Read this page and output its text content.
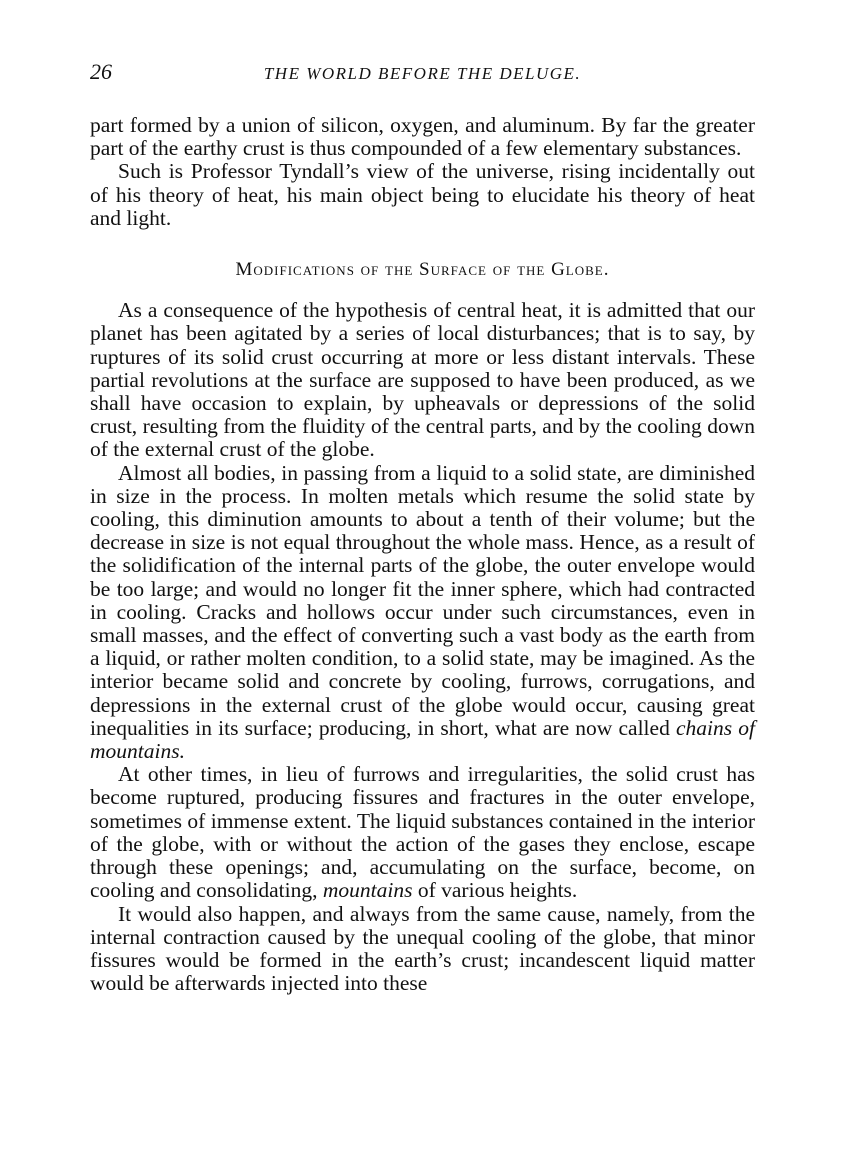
26	THE WORLD BEFORE THE DELUGE.

part formed by a union of silicon, oxygen, and aluminum. By far the greater part of the earthy crust is thus compounded of a few elementary substances.

Such is Professor Tyndall’s view of the universe, rising incidentally out of his theory of heat, his main object being to elucidate his theory of heat and light.

Modifications of the Surface of the Globe.

As a consequence of the hypothesis of central heat, it is admitted that our planet has been agitated by a series of local disturbances; that is to say, by ruptures of its solid crust occurring at more or less distant intervals. These partial revolutions at the surface are supposed to have been produced, as we shall have occasion to explain, by upheavals or depressions of the solid crust, resulting from the fluidity of the central parts, and by the cooling down of the external crust of the globe.

Almost all bodies, in passing from a liquid to a solid state, are diminished in size in the process. In molten metals which resume the solid state by cooling, this diminution amounts to about a tenth of their volume; but the decrease in size is not equal throughout the whole mass. Hence, as a result of the solidification of the internal parts of the globe, the outer envelope would be too large; and would no longer fit the inner sphere, which had contracted in cooling. Cracks and hollows occur under such circumstances, even in small masses, and the effect of converting such a vast body as the earth from a liquid, or rather molten condition, to a solid state, may be imagined. As the interior became solid and concrete by cooling, furrows, corrugations, and depressions in the external crust of the globe would occur, causing great inequalities in its surface; producing, in short, what are now called chains of mountains.

At other times, in lieu of furrows and irregularities, the solid crust has become ruptured, producing fissures and fractures in the outer envelope, sometimes of immense extent. The liquid substances contained in the interior of the globe, with or without the action of the gases they enclose, escape through these openings; and, accumulating on the surface, become, on cooling and consolidating, mountains of various heights.

It would also happen, and always from the same cause, namely, from the internal contraction caused by the unequal cooling of the globe, that minor fissures would be formed in the earth’s crust; incandescent liquid matter would be afterwards injected into these
